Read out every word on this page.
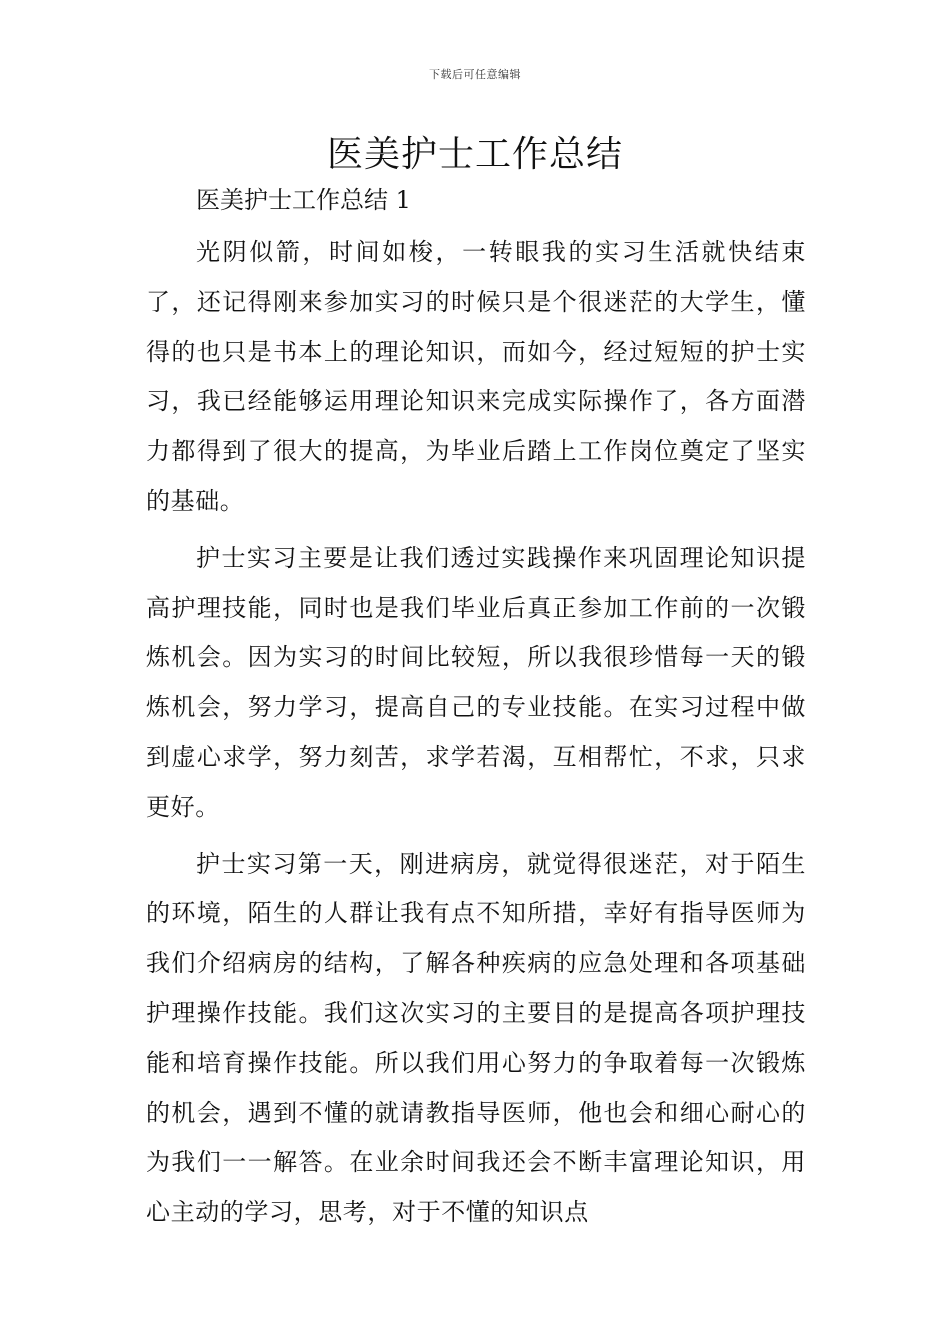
下载后可任意编辑
医美护士工作总结

医美护士工作总结 1

光阴似箭，时间如梭，一转眼我的实习生活就快结束了，还记得刚来参加实习的时候只是个很迷茫的大学生，懂得的也只是书本上的理论知识，而如今，经过短短的护士实习，我已经能够运用理论知识来完成实际操作了，各方面潜力都得到了很大的提高，为毕业后踏上工作岗位奠定了坚实的基础。

护士实习主要是让我们透过实践操作来巩固理论知识提高护理技能，同时也是我们毕业后真正参加工作前的一次锻炼机会。因为实习的时间比较短，所以我很珍惜每一天的锻炼机会，努力学习，提高自己的专业技能。在实习过程中做到虚心求学，努力刻苦，求学若渴，互相帮忙，不求，只求更好。

护士实习第一天，刚进病房，就觉得很迷茫，对于陌生的环境，陌生的人群让我有点不知所措，幸好有指导医师为我们介绍病房的结构，了解各种疾病的应急处理和各项基础护理操作技能。我们这次实习的主要目的是提高各项护理技能和培育操作技能。所以我们用心努力的争取着每一次锻炼的机会，遇到不懂的就请教指导医师，他也会和细心耐心的为我们一一解答。在业余时间我还会不断丰富理论知识，用心主动的学习，思考，对于不懂的知识点
